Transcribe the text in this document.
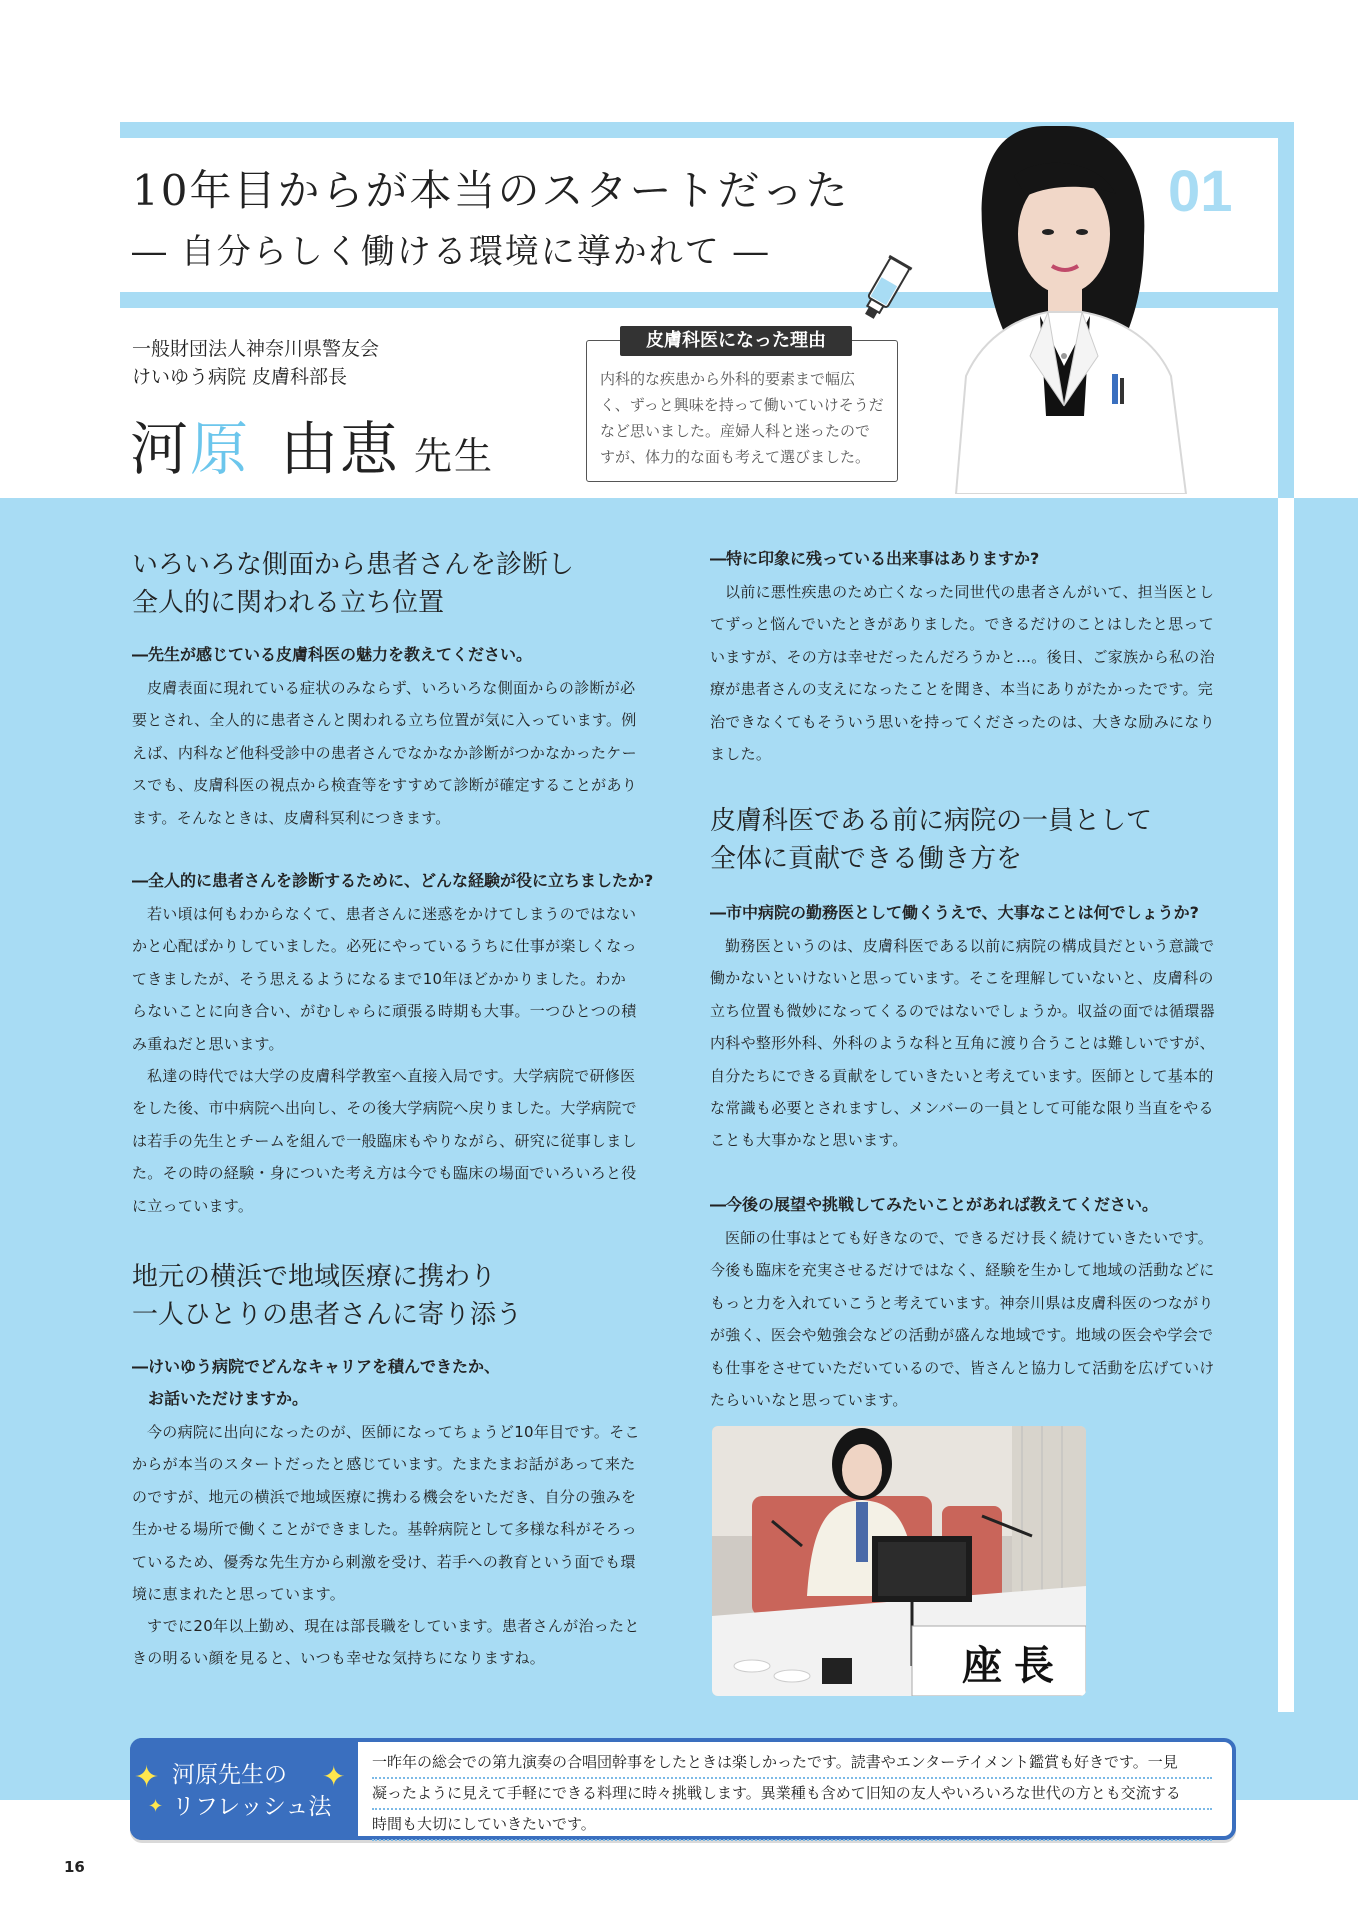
10年目からが本当のスタートだった
― 自分らしく働ける環境に導かれて ―
01
一般財団法人神奈川県警友会
けいゆう病院 皮膚科部長
河原 由恵 先生
皮膚科医になった理由
内科的な疾患から外科的要素まで幅広
く、ずっと興味を持って働いていけそうだ
など思いました。産婦人科と迷ったので
すが、体力的な面も考えて選びました。
いろいろな側面から患者さんを診断し
全人的に関われる立ち位置
―先生が感じている皮膚科医の魅力を教えてください。

皮膚表面に現れている症状のみならず、いろいろな側面からの診断が必要とされ、全人的に患者さんと関われる立ち位置が気に入っています。例えば、内科など他科受診中の患者さんでなかなか診断がつかなかったケースでも、皮膚科医の視点から検査等をすすめて診断が確定することがあります。そんなときは、皮膚科冥利につきます。

―全人的に患者さんを診断するために、どんな経験が役に立ちましたか?

若い頃は何もわからなくて、患者さんに迷惑をかけてしまうのではないかと心配ばかりしていました。必死にやっているうちに仕事が楽しくなってきましたが、そう思えるようになるまで10年ほどかかりました。わからないことに向き合い、がむしゃらに頑張る時期も大事。一つひとつの積み重ねだと思います。

私達の時代では大学の皮膚科学教室へ直接入局です。大学病院で研修医をした後、市中病院へ出向し、その後大学病院へ戻りました。大学病院では若手の先生とチームを組んで一般臨床もやりながら、研究に従事しました。その時の経験・身についた考え方は今でも臨床の場面でいろいろと役に立っています。

地元の横浜で地域医療に携わり
一人ひとりの患者さんに寄り添う
―けいゆう病院でどんなキャリアを積んできたか、
お話いただけますか。

今の病院に出向になったのが、医師になってちょうど10年目です。そこからが本当のスタートだったと感じています。たまたまお話があって来たのですが、地元の横浜で地域医療に携わる機会をいただき、自分の強みを生かせる場所で働くことができました。基幹病院として多様な科がそろっているため、優秀な先生方から刺激を受け、若手への教育という面でも環境に恵まれたと思っています。

すでに20年以上勤め、現在は部長職をしています。患者さんが治ったときの明るい顔を見ると、いつも幸せな気持ちになりますね。

―特に印象に残っている出来事はありますか?

以前に悪性疾患のため亡くなった同世代の患者さんがいて、担当医としてずっと悩んでいたときがありました。できるだけのことはしたと思っていますが、その方は幸せだったんだろうかと…。後日、ご家族から私の治療が患者さんの支えになったことを聞き、本当にありがたかったです。完治できなくてもそういう思いを持ってくださったのは、大きな励みになりました。

皮膚科医である前に病院の一員として
全体に貢献できる働き方を
―市中病院の勤務医として働くうえで、大事なことは何でしょうか?

勤務医というのは、皮膚科医である以前に病院の構成員だという意識で働かないといけないと思っています。そこを理解していないと、皮膚科の立ち位置も微妙になってくるのではないでしょうか。収益の面では循環器内科や整形外科、外科のような科と互角に渡り合うことは難しいですが、自分たちにできる貢献をしていきたいと考えています。医師として基本的な常識も必要とされますし、メンバーの一員として可能な限り当直をやることも大事かなと思います。

―今後の展望や挑戦してみたいことがあれば教えてください。

医師の仕事はとても好きなので、できるだけ長く続けていきたいです。今後も臨床を充実させるだけではなく、経験を生かして地域の活動などにもっと力を入れていこうと考えています。神奈川県は皮膚科医のつながりが強く、医会や勉強会などの活動が盛んな地域です。地域の医会や学会でも仕事をさせていただいているので、皆さんと協力して活動を広げていけたらいいなと思っています。

座長
✦
✦
✦
河原先生の
リフレッシュ法
一昨年の総会での第九演奏の合唱団幹事をしたときは楽しかったです。読書やエンターテイメント鑑賞も好きです。一見
凝ったように見えて手軽にできる料理に時々挑戦します。異業種も含めて旧知の友人やいろいろな世代の方とも交流する
時間も大切にしていきたいです。
16
